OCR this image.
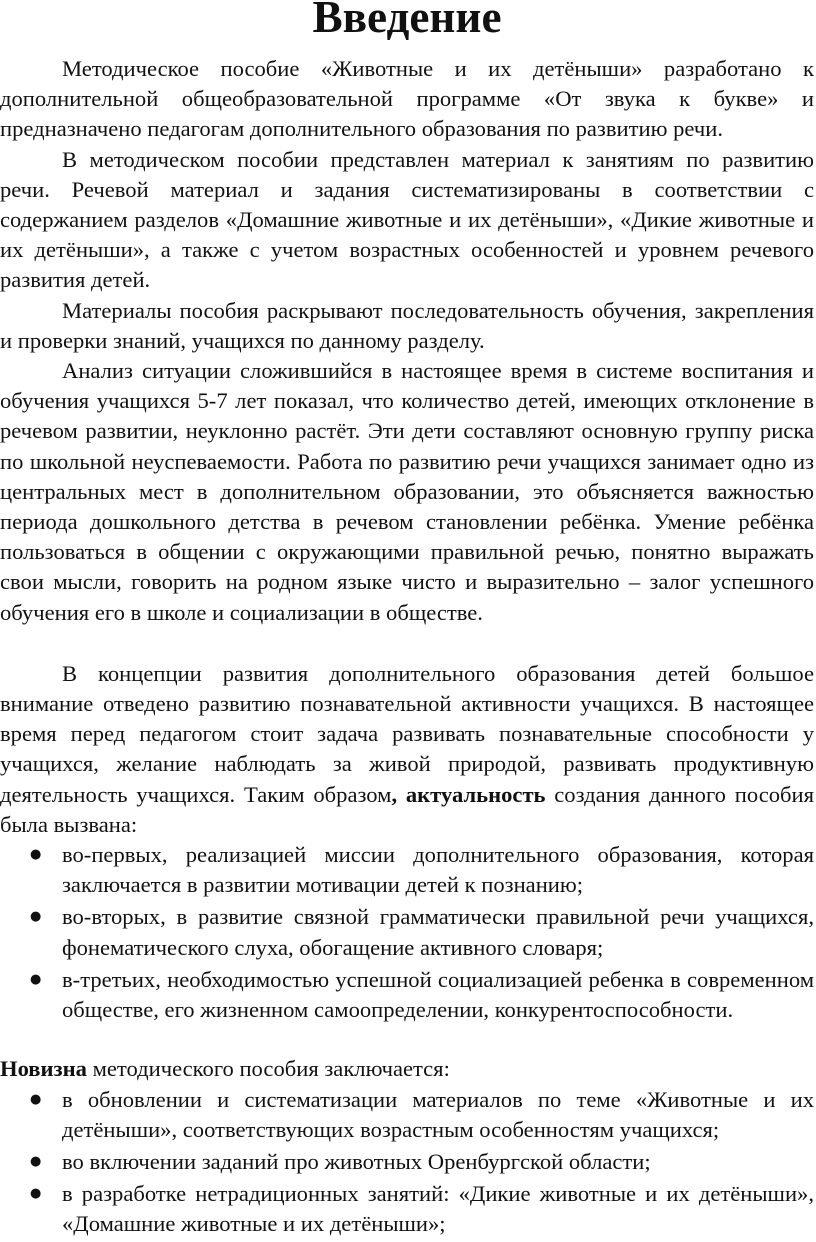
Введение

Методическое пособие «Животные и их детёныши» разработано к дополнительной общеобразовательной программе «От звука к букве» и предназначено педагогам дополнительного образования по развитию речи.

В методическом пособии представлен материал к занятиям по развитию речи. Речевой материал и задания систематизированы в соответствии с содержанием разделов «Домашние животные и их детёныши», «Дикие животные и их детёныши», а также с учетом возрастных особенностей и уровнем речевого развития детей.

Материалы пособия раскрывают последовательность обучения, закрепления и проверки знаний, учащихся по данному разделу.

Анализ ситуации сложившийся в настоящее время в системе воспитания и обучения учащихся 5-7 лет показал, что количество детей, имеющих отклонение в речевом развитии, неуклонно растёт. Эти дети составляют основную группу риска по школьной неуспеваемости. Работа по развитию речи учащихся занимает одно из центральных мест в дополнительном образовании, это объясняется важностью периода дошкольного детства в речевом становлении ребёнка. Умение ребёнка пользоваться в общении с окружающими правильной речью, понятно выражать свои мысли, говорить на родном языке чисто и выразительно – залог успешного обучения его в школе и социализации в обществе.

В концепции развития дополнительного образования детей большое внимание отведено развитию познавательной активности учащихся. В настоящее время перед педагогом стоит задача развивать познавательные способности у учащихся, желание наблюдать за живой природой, развивать продуктивную деятельность учащихся. Таким образом, актуальность создания данного пособия была вызвана:

● во-первых, реализацией миссии дополнительного образования, которая заключается в развитии мотивации детей к познанию;
● во-вторых, в развитие связной грамматически правильной речи учащихся, фонематического слуха, обогащение активного словаря;
● в-третьих, необходимостью успешной социализацией ребенка в современном обществе, его жизненном самоопределении, конкурентоспособности.

Новизна методического пособия заключается:

● в обновлении и систематизации материалов по теме «Животные и их детёныши», соответствующих возрастным особенностям учащихся;
● во включении заданий про животных Оренбургской области;
● в разработке нетрадиционных занятий: «Дикие животные и их детёныши», «Домашние животные и их детёныши»;
